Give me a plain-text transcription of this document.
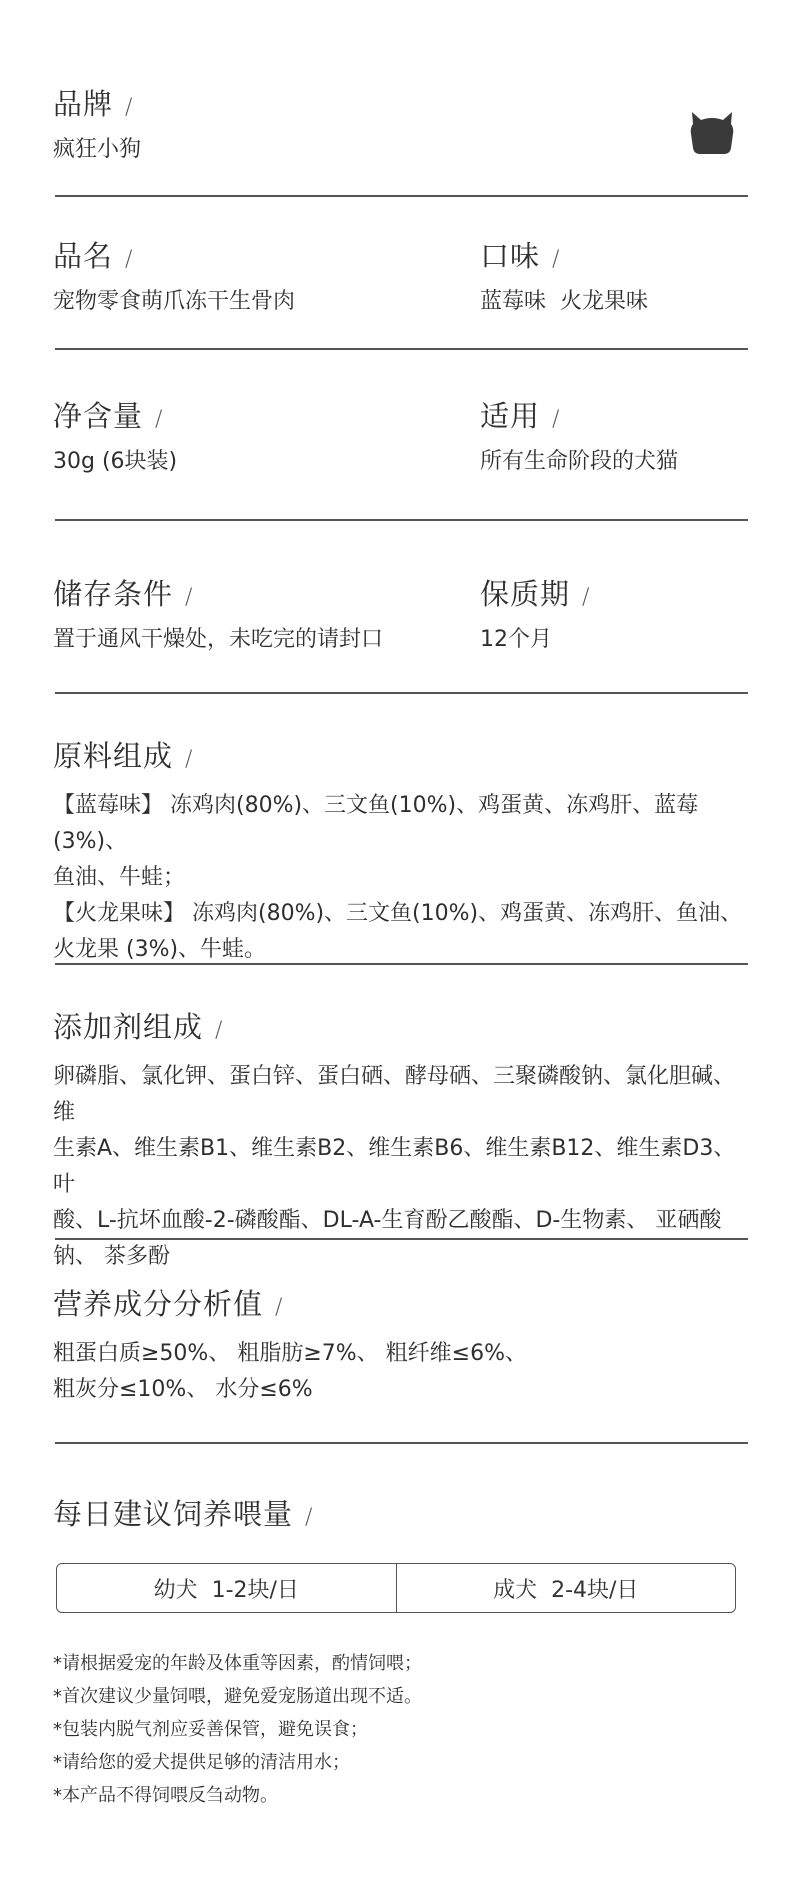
品牌 /
疯狂小狗
品名 /
宠物零食萌爪冻干生骨肉
口味 /
蓝莓味  火龙果味
净含量 /
30g (6块装)
适用 /
所有生命阶段的犬猫
储存条件 /
置于通风干燥处，未吃完的请封口
保质期 /
12个月
原料组成 /
【蓝莓味】 冻鸡肉(80%)、三文鱼(10%)、鸡蛋黄、冻鸡肝、蓝莓(3%)、
鱼油、牛蛙；
【火龙果味】 冻鸡肉(80%)、三文鱼(10%)、鸡蛋黄、冻鸡肝、鱼油、
火龙果 (3%)、牛蛙。
添加剂组成 /
卵磷脂、氯化钾、蛋白锌、蛋白硒、酵母硒、三聚磷酸钠、氯化胆碱、维
生素A、维生素B1、维生素B2、维生素B6、维生素B12、维生素D3、叶
酸、L-抗坏血酸-2-磷酸酯、DL-A-生育酚乙酸酯、D-生物素、 亚硒酸
钠、 茶多酚
营养成分分析值 /
粗蛋白质≥50%、 粗脂肪≥7%、 粗纤维≤6%、
粗灰分≤10%、 水分≤6%
每日建议饲养喂量 /
幼犬 1-2块/日	成犬 2-4块/日
*请根据爱宠的年龄及体重等因素，酌情饲喂；
*首次建议少量饲喂，避免爱宠肠道出现不适。
*包装内脱气剂应妥善保管，避免误食；
*请给您的爱犬提供足够的清洁用水；
*本产品不得饲喂反刍动物。
